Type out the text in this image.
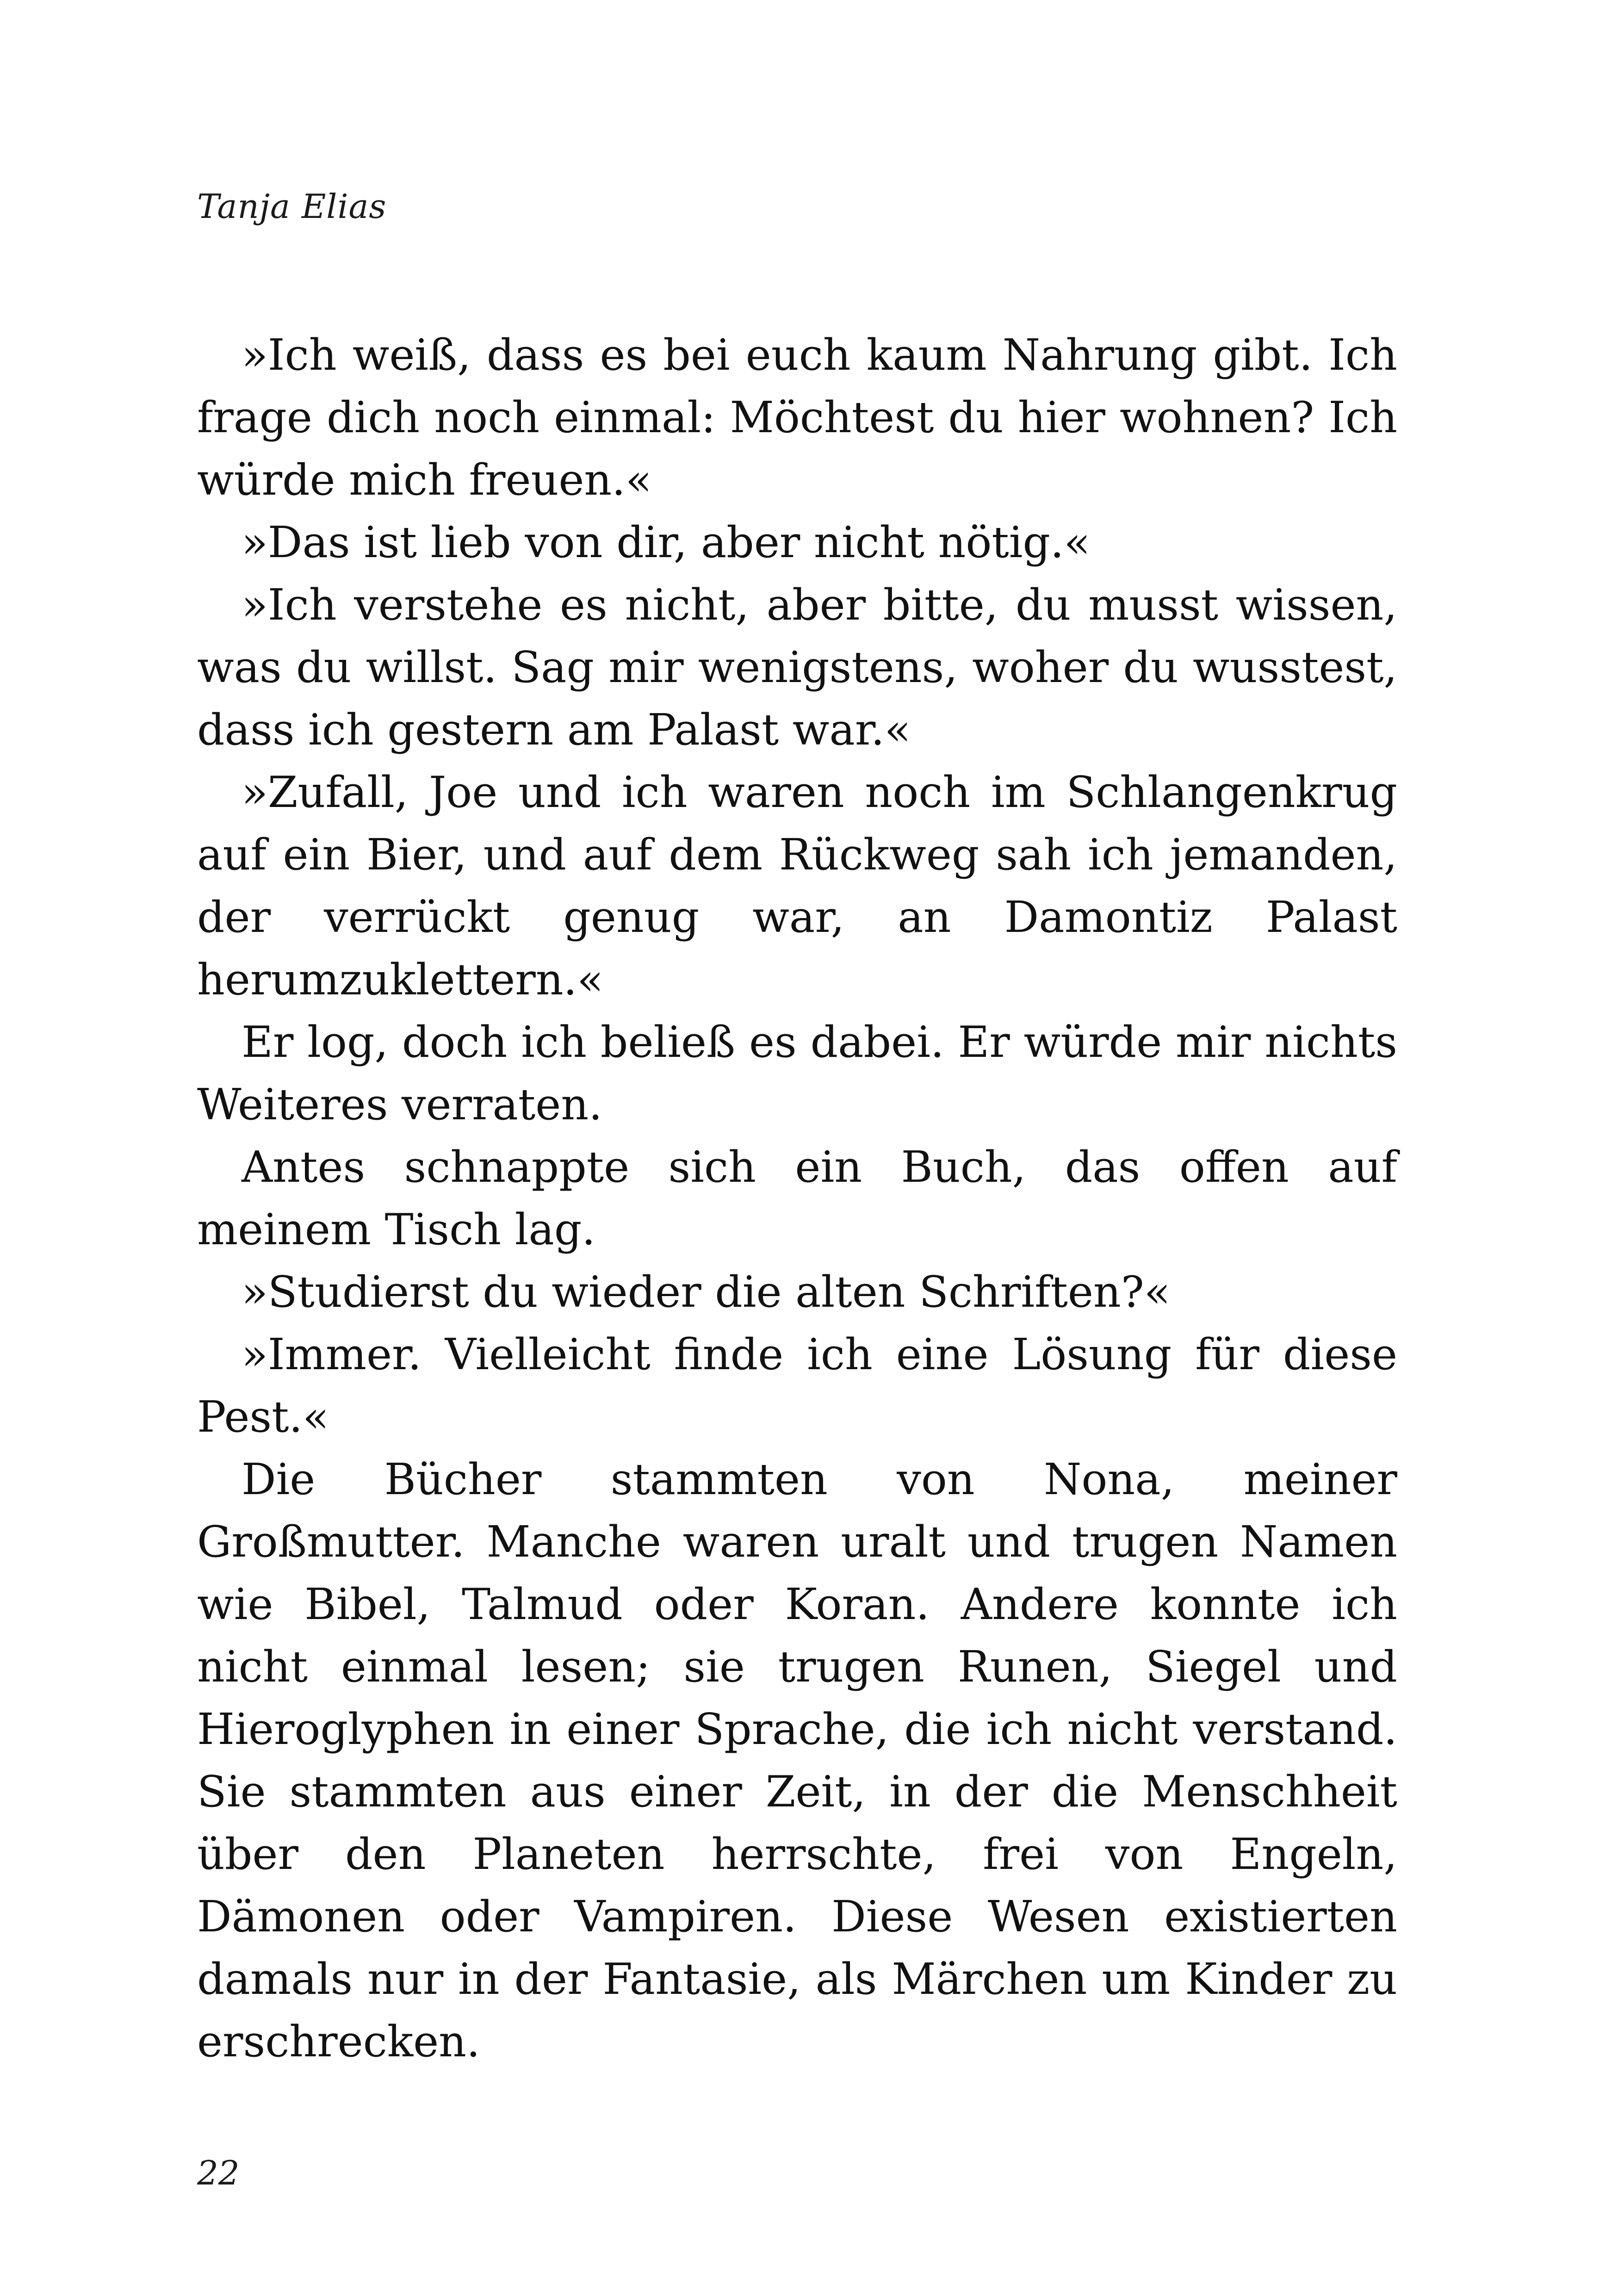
Tanja Elias

»Ich weiß, dass es bei euch kaum Nahrung gibt. Ich frage dich noch einmal: Möchtest du hier wohnen? Ich würde mich freuen.«

»Das ist lieb von dir, aber nicht nötig.«

»Ich verstehe es nicht, aber bitte, du musst wissen, was du willst. Sag mir wenigstens, woher du wusstest, dass ich gestern am Palast war.«

»Zufall, Joe und ich waren noch im Schlangenkrug auf ein Bier, und auf dem Rückweg sah ich jemanden, der verrückt genug war, an Damontiz Palast herumzuklettern.«

Er log, doch ich beließ es dabei. Er würde mir nichts Weiteres verraten.

Antes schnappte sich ein Buch, das offen auf meinem Tisch lag.

»Studierst du wieder die alten Schriften?«

»Immer. Vielleicht finde ich eine Lösung für diese Pest.«

Die Bücher stammten von Nona, meiner Großmutter. Manche waren uralt und trugen Namen wie Bibel, Talmud oder Koran. Andere konnte ich nicht einmal lesen; sie trugen Runen, Siegel und Hieroglyphen in einer Sprache, die ich nicht verstand. Sie stammten aus einer Zeit, in der die Menschheit über den Planeten herrschte, frei von Engeln, Dämonen oder Vampiren. Diese Wesen existierten damals nur in der Fantasie, als Märchen um Kinder zu erschrecken.

22
